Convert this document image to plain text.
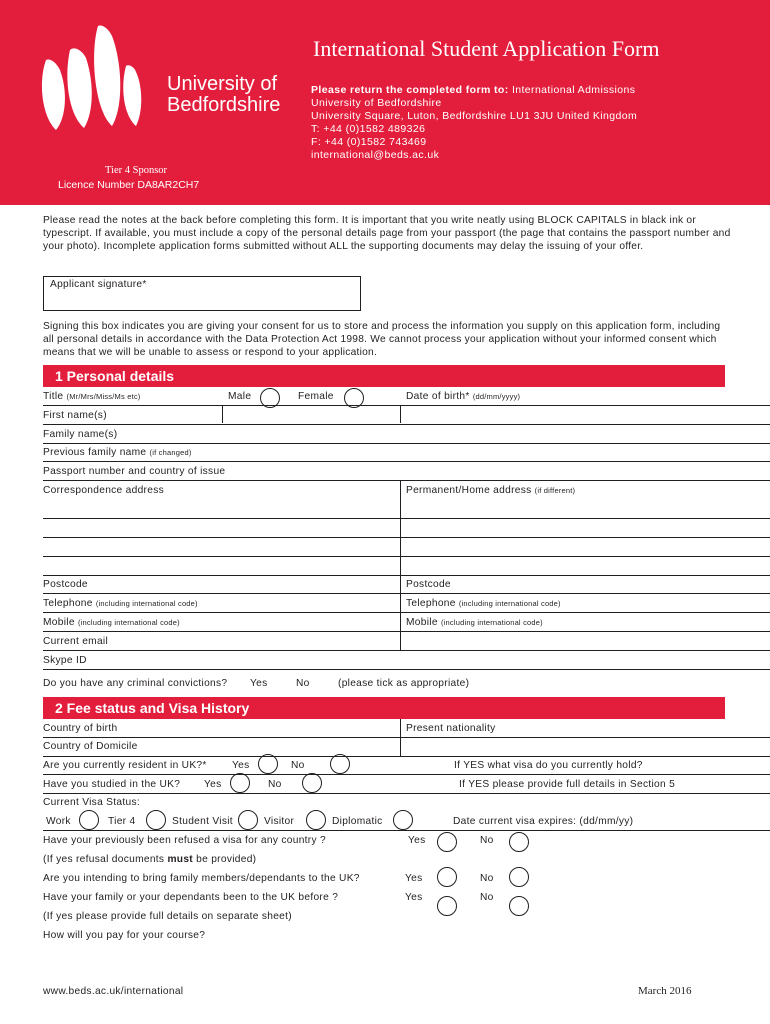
University of
Bedfordshire
International Student Application Form
Please return the completed form to: International Admissions
University of Bedfordshire
University Square, Luton, Bedfordshire LU1 3JU United Kingdom
T: +44 (0)1582 489326
F: +44 (0)1582 743469
international@beds.ac.uk
Tier 4 Sponsor
Licence Number DA8AR2CH7
Please read the notes at the back before completing this form. It is important that you write neatly using BLOCK CAPITALS in black ink or typescript. If available, you must include a copy of the personal details page from your passport (the page that contains the passport number and your photo). Incomplete application forms submitted without ALL the supporting documents may delay the issuing of your offer.
Applicant signature*
Signing this box indicates you are giving your consent for us to store and process the information you supply on this application form, including all personal details in accordance with the Data Protection Act 1998. We cannot process your application without your informed consent which means that we will be unable to assess or respond to your application.
1 Personal details
Title (Mr/Mrs/Miss/Ms etc)	Male	Female	Date of birth* (dd/mm/yyyy)
First name(s)
Family name(s)
Previous family name (if changed)
Passport number and country of issue
Correspondence address	Permanent/Home address (if different)
Postcode	Postcode
Telephone (including international code)	Telephone (including international code)
Mobile (including international code)	Mobile (including international code)
Current email
Skype ID
Do you have any criminal convictions? Yes	No	(please tick as appropriate)
2 Fee status and Visa History
Country of birth	Present nationality
Country of Domicile
Are you currently resident in UK?* Yes	No	If YES what visa do you currently hold?
Have you studied in the UK? Yes	No	If YES please provide full details in Section 5
Current Visa Status:
Work	Tier 4	Student Visit	Visitor	Diplomatic	Date current visa expires: (dd/mm/yy)
Have your previously been refused a visa for any country ?	Yes	No
(If yes refusal documents must be provided)
Are you intending to bring family members/dependants to the UK?	Yes	No
Have your family or your dependants been to the UK before ?	Yes	No
(If yes please provide full details on separate sheet)
How will you pay for your course?
www.beds.ac.uk/international	March 2016
